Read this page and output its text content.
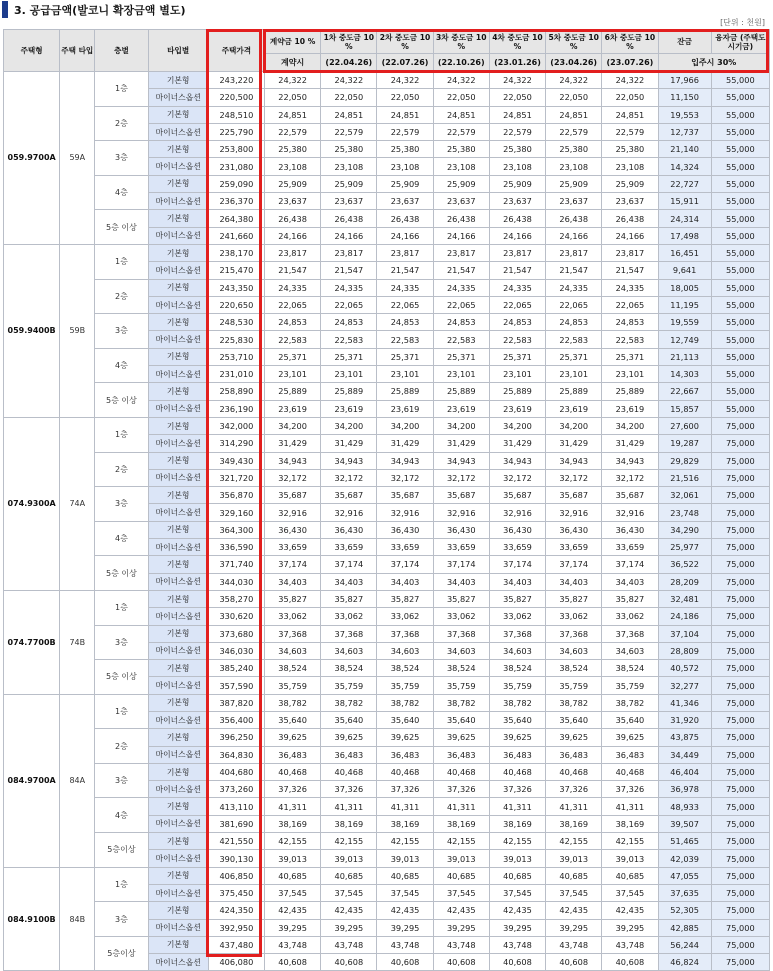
3. 공급금액(발코니 확장금액 별도)
[단위 : 천원]
주택형	주택 타입	층별	타입별	주택가격	계약금 10 %	1차 중도금 10 %	2차 중도금 10 %	3차 중도금 10 %	4차 중도금 10 %	5차 중도금 10 %	6차 중도금 10 %	잔금	융자금 (주택도시기금)
					계약시	(22.04.26)	(22.07.26)	(22.10.26)	(23.01.26)	(23.04.26)	(23.07.26)	입주시 30%	
059.9700A	59A	1층	기본형	243,220	24,322	24,322	24,322	24,322	24,322	24,322	24,322	17,966	55,000
			마이너스옵션	220,500	22,050	22,050	22,050	22,050	22,050	22,050	22,050	11,150	55,000
		2층	기본형	248,510	24,851	24,851	24,851	24,851	24,851	24,851	24,851	19,553	55,000
			마이너스옵션	225,790	22,579	22,579	22,579	22,579	22,579	22,579	22,579	12,737	55,000
		3층	기본형	253,800	25,380	25,380	25,380	25,380	25,380	25,380	25,380	21,140	55,000
			마이너스옵션	231,080	23,108	23,108	23,108	23,108	23,108	23,108	23,108	14,324	55,000
		4층	기본형	259,090	25,909	25,909	25,909	25,909	25,909	25,909	25,909	22,727	55,000
			마이너스옵션	236,370	23,637	23,637	23,637	23,637	23,637	23,637	23,637	15,911	55,000
		5층 이상	기본형	264,380	26,438	26,438	26,438	26,438	26,438	26,438	26,438	24,314	55,000
			마이너스옵션	241,660	24,166	24,166	24,166	24,166	24,166	24,166	24,166	17,498	55,000
059.9400B	59B	1층	기본형	238,170	23,817	23,817	23,817	23,817	23,817	23,817	23,817	16,451	55,000
			마이너스옵션	215,470	21,547	21,547	21,547	21,547	21,547	21,547	21,547	9,641	55,000
		2층	기본형	243,350	24,335	24,335	24,335	24,335	24,335	24,335	24,335	18,005	55,000
			마이너스옵션	220,650	22,065	22,065	22,065	22,065	22,065	22,065	22,065	11,195	55,000
		3층	기본형	248,530	24,853	24,853	24,853	24,853	24,853	24,853	24,853	19,559	55,000
			마이너스옵션	225,830	22,583	22,583	22,583	22,583	22,583	22,583	22,583	12,749	55,000
		4층	기본형	253,710	25,371	25,371	25,371	25,371	25,371	25,371	25,371	21,113	55,000
			마이너스옵션	231,010	23,101	23,101	23,101	23,101	23,101	23,101	23,101	14,303	55,000
		5층 이상	기본형	258,890	25,889	25,889	25,889	25,889	25,889	25,889	25,889	22,667	55,000
			마이너스옵션	236,190	23,619	23,619	23,619	23,619	23,619	23,619	23,619	15,857	55,000
074.9300A	74A	1층	기본형	342,000	34,200	34,200	34,200	34,200	34,200	34,200	34,200	27,600	75,000
			마이너스옵션	314,290	31,429	31,429	31,429	31,429	31,429	31,429	31,429	19,287	75,000
		2층	기본형	349,430	34,943	34,943	34,943	34,943	34,943	34,943	34,943	29,829	75,000
			마이너스옵션	321,720	32,172	32,172	32,172	32,172	32,172	32,172	32,172	21,516	75,000
		3층	기본형	356,870	35,687	35,687	35,687	35,687	35,687	35,687	35,687	32,061	75,000
			마이너스옵션	329,160	32,916	32,916	32,916	32,916	32,916	32,916	32,916	23,748	75,000
		4층	기본형	364,300	36,430	36,430	36,430	36,430	36,430	36,430	36,430	34,290	75,000
			마이너스옵션	336,590	33,659	33,659	33,659	33,659	33,659	33,659	33,659	25,977	75,000
		5층 이상	기본형	371,740	37,174	37,174	37,174	37,174	37,174	37,174	37,174	36,522	75,000
			마이너스옵션	344,030	34,403	34,403	34,403	34,403	34,403	34,403	34,403	28,209	75,000
074.7700B	74B	1층	기본형	358,270	35,827	35,827	35,827	35,827	35,827	35,827	35,827	32,481	75,000
			마이너스옵션	330,620	33,062	33,062	33,062	33,062	33,062	33,062	33,062	24,186	75,000
		3층	기본형	373,680	37,368	37,368	37,368	37,368	37,368	37,368	37,368	37,104	75,000
			마이너스옵션	346,030	34,603	34,603	34,603	34,603	34,603	34,603	34,603	28,809	75,000
		5층 이상	기본형	385,240	38,524	38,524	38,524	38,524	38,524	38,524	38,524	40,572	75,000
			마이너스옵션	357,590	35,759	35,759	35,759	35,759	35,759	35,759	35,759	32,277	75,000
084.9700A	84A	1층	기본형	387,820	38,782	38,782	38,782	38,782	38,782	38,782	38,782	41,346	75,000
			마이너스옵션	356,400	35,640	35,640	35,640	35,640	35,640	35,640	35,640	31,920	75,000
		2층	기본형	396,250	39,625	39,625	39,625	39,625	39,625	39,625	39,625	43,875	75,000
			마이너스옵션	364,830	36,483	36,483	36,483	36,483	36,483	36,483	36,483	34,449	75,000
		3층	기본형	404,680	40,468	40,468	40,468	40,468	40,468	40,468	40,468	46,404	75,000
			마이너스옵션	373,260	37,326	37,326	37,326	37,326	37,326	37,326	37,326	36,978	75,000
		4층	기본형	413,110	41,311	41,311	41,311	41,311	41,311	41,311	41,311	48,933	75,000
			마이너스옵션	381,690	38,169	38,169	38,169	38,169	38,169	38,169	38,169	39,507	75,000
		5층이상	기본형	421,550	42,155	42,155	42,155	42,155	42,155	42,155	42,155	51,465	75,000
			마이너스옵션	390,130	39,013	39,013	39,013	39,013	39,013	39,013	39,013	42,039	75,000
084.9100B	84B	1층	기본형	406,850	40,685	40,685	40,685	40,685	40,685	40,685	40,685	47,055	75,000
			마이너스옵션	375,450	37,545	37,545	37,545	37,545	37,545	37,545	37,545	37,635	75,000
		3층	기본형	424,350	42,435	42,435	42,435	42,435	42,435	42,435	42,435	52,305	75,000
			마이너스옵션	392,950	39,295	39,295	39,295	39,295	39,295	39,295	39,295	42,885	75,000
		5층이상	기본형	437,480	43,748	43,748	43,748	43,748	43,748	43,748	43,748	56,244	75,000
			마이너스옵션	406,080	40,608	40,608	40,608	40,608	40,608	40,608	40,608	46,824	75,000
